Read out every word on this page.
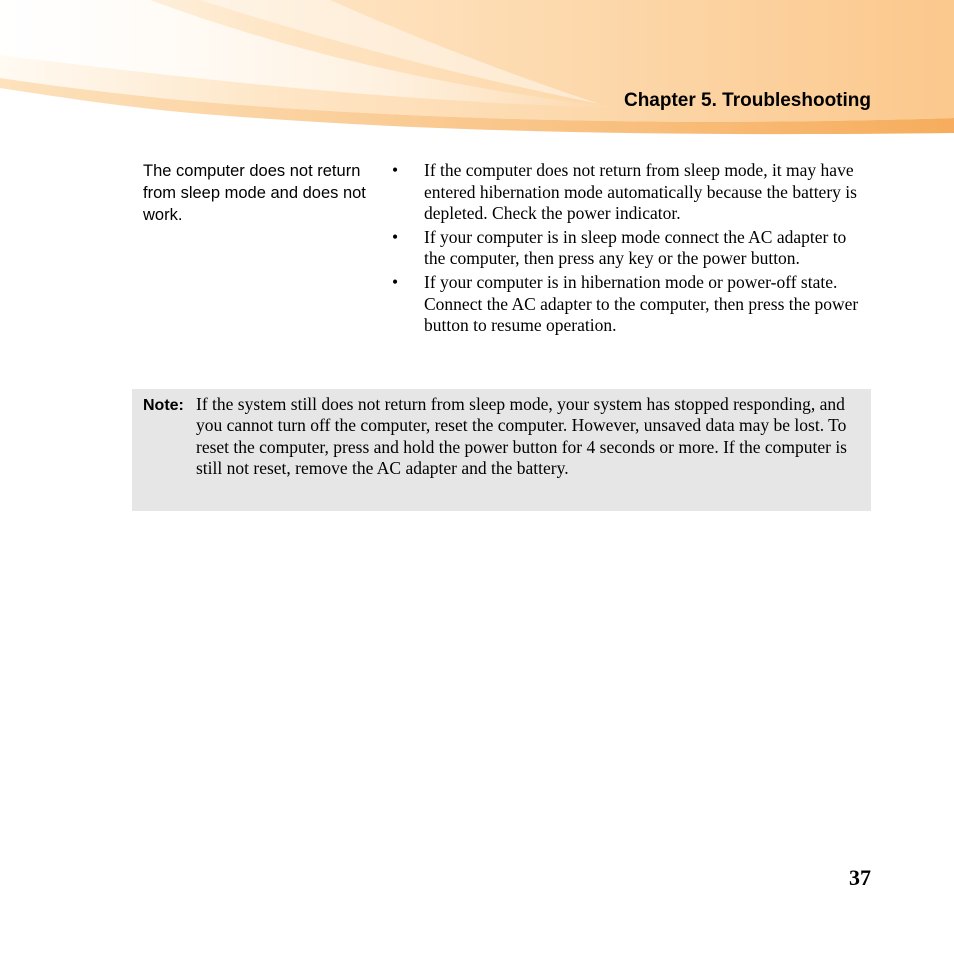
Chapter 5. Troubleshooting
The computer does not return from sleep mode and does not work.
• If the computer does not return from sleep mode, it may have entered hibernation mode automatically because the battery is depleted. Check the power indicator.
• If your computer is in sleep mode connect the AC adapter to the computer, then press any key or the power button.
• If your computer is in hibernation mode or power-off state. Connect the AC adapter to the computer, then press the power button to resume operation.
Note: If the system still does not return from sleep mode, your system has stopped responding, and you cannot turn off the computer, reset the computer. However, unsaved data may be lost. To reset the computer, press and hold the power button for 4 seconds or more. If the computer is still not reset, remove the AC adapter and the battery.
37
